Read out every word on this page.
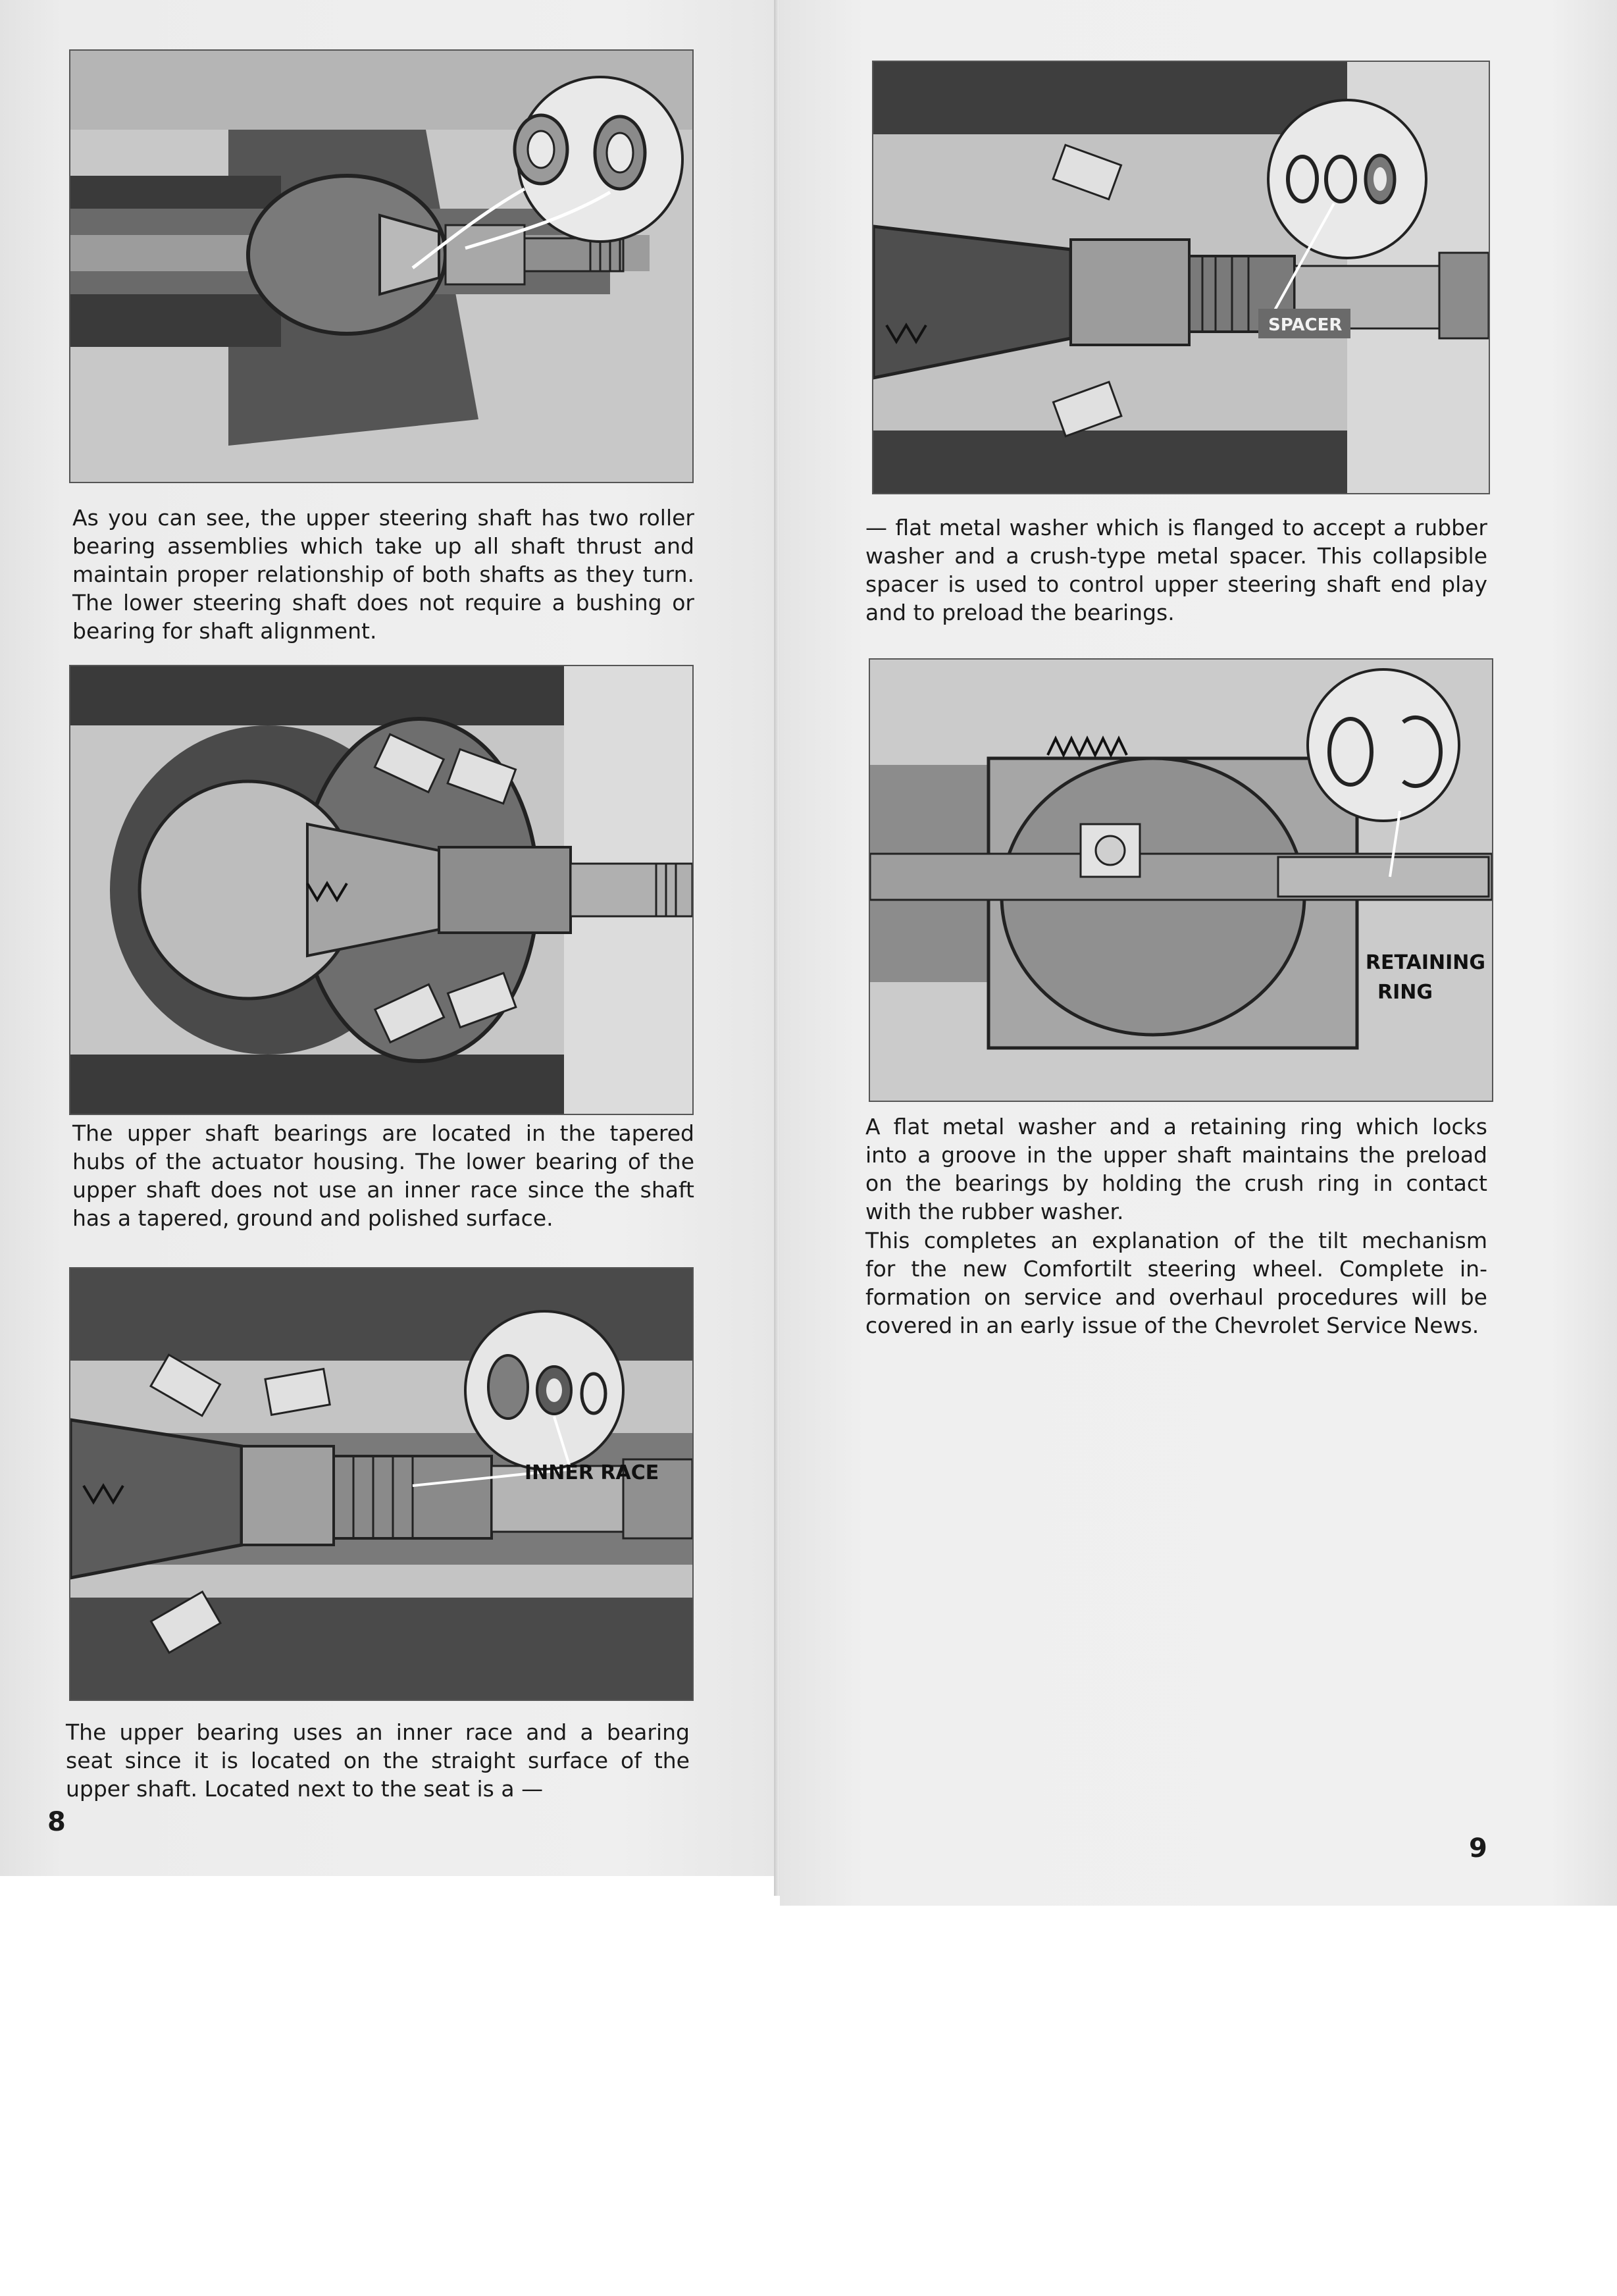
As you can see, the upper steering shaft has two roller
bearing assemblies which take up all shaft thrust and
maintain proper relationship of both shafts as they turn.
The lower steering shaft does not require a bushing or
bearing for shaft alignment.

The upper shaft bearings are located in the tapered
hubs of the actuator housing. The lower bearing of the
upper shaft does not use an inner race since the shaft
has a tapered, ground and polished surface.

INNER RACE

The upper bearing uses an inner race and a bearing
seat since it is located on the straight surface of the
upper shaft. Located next to the seat is a —

8
SPACER

— flat metal washer which is flanged to accept a rubber
washer and a crush-type metal spacer. This collapsible
spacer is used to control upper steering shaft end play
and to preload the bearings.

RETAINING
RING

A flat metal washer and a retaining ring which locks
into a groove in the upper shaft maintains the preload
on the bearings by holding the crush ring in contact
with the rubber washer.

This completes an explanation of the tilt mechanism
for the new Comfortilt steering wheel. Complete in-
formation on service and overhaul procedures will be
covered in an early issue of the Chevrolet Service News.

9
